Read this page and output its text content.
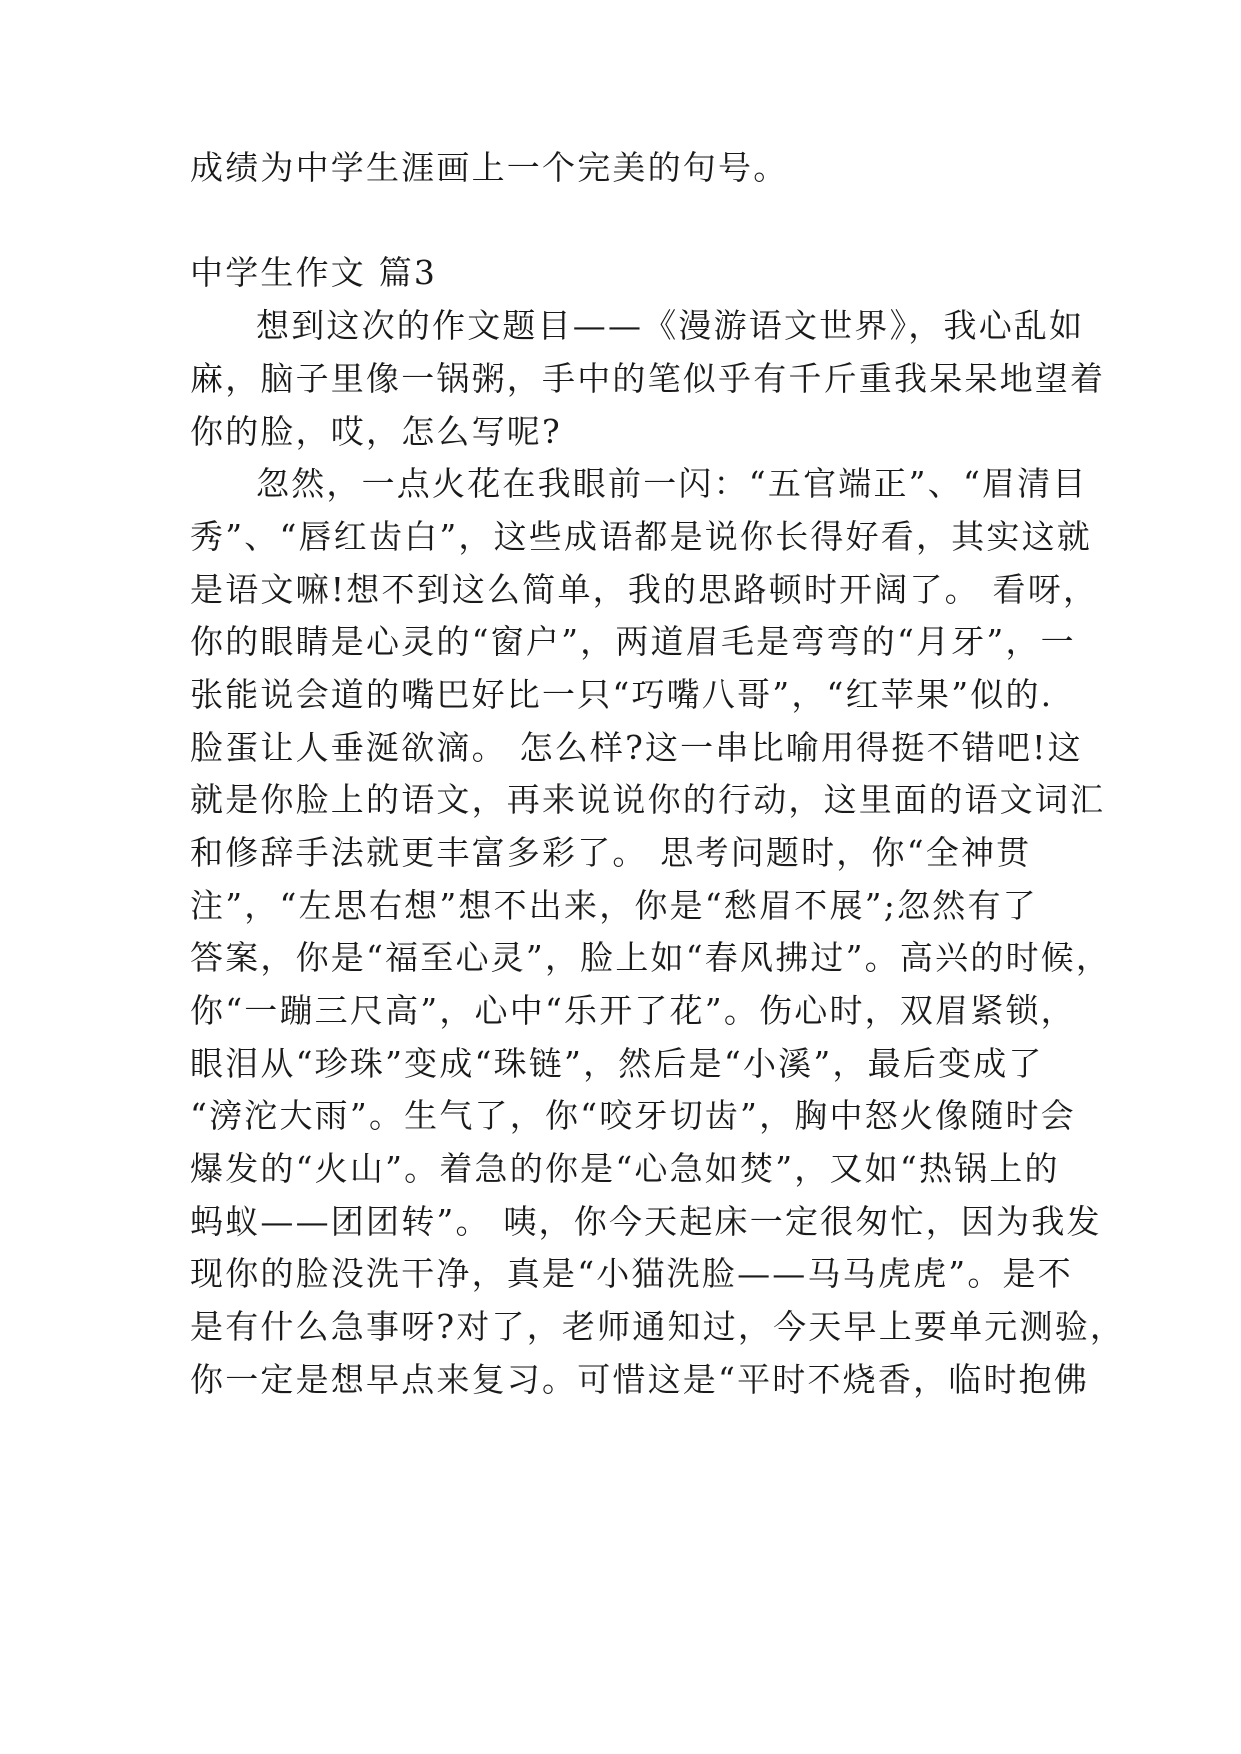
成绩为中学生涯画上一个完美的句号。
中学生作文 篇3
想到这次的作文题目——《漫游语文世界》，我心乱如
麻，脑子里像一锅粥，手中的笔似乎有千斤重我呆呆地望着
你的脸，哎，怎么写呢?
忽然，一点火花在我眼前一闪：“五官端正”、“眉清目
秀”、“唇红齿白”，这些成语都是说你长得好看，其实这就
是语文嘛!想不到这么简单，我的思路顿时开阔了。 看呀，
你的眼睛是心灵的“窗户”，两道眉毛是弯弯的“月牙”，一
张能说会道的嘴巴好比一只“巧嘴八哥”，“红苹果”似的.
脸蛋让人垂涎欲滴。 怎么样?这一串比喻用得挺不错吧!这
就是你脸上的语文，再来说说你的行动，这里面的语文词汇
和修辞手法就更丰富多彩了。 思考问题时，你“全神贯
注”，“左思右想”想不出来，你是“愁眉不展”;忽然有了
答案，你是“福至心灵”，脸上如“春风拂过”。高兴的时候，
你“一蹦三尺高”，心中“乐开了花”。伤心时，双眉紧锁，
眼泪从“珍珠”变成“珠链”，然后是“小溪”，最后变成了
“滂沱大雨”。生气了，你“咬牙切齿”，胸中怒火像随时会
爆发的“火山”。着急的你是“心急如焚”，又如“热锅上的
蚂蚁——团团转”。 咦，你今天起床一定很匆忙，因为我发
现你的脸没洗干净，真是“小猫洗脸——马马虎虎”。是不
是有什么急事呀?对了，老师通知过，今天早上要单元测验，
你一定是想早点来复习。可惜这是“平时不烧香，临时抱佛
